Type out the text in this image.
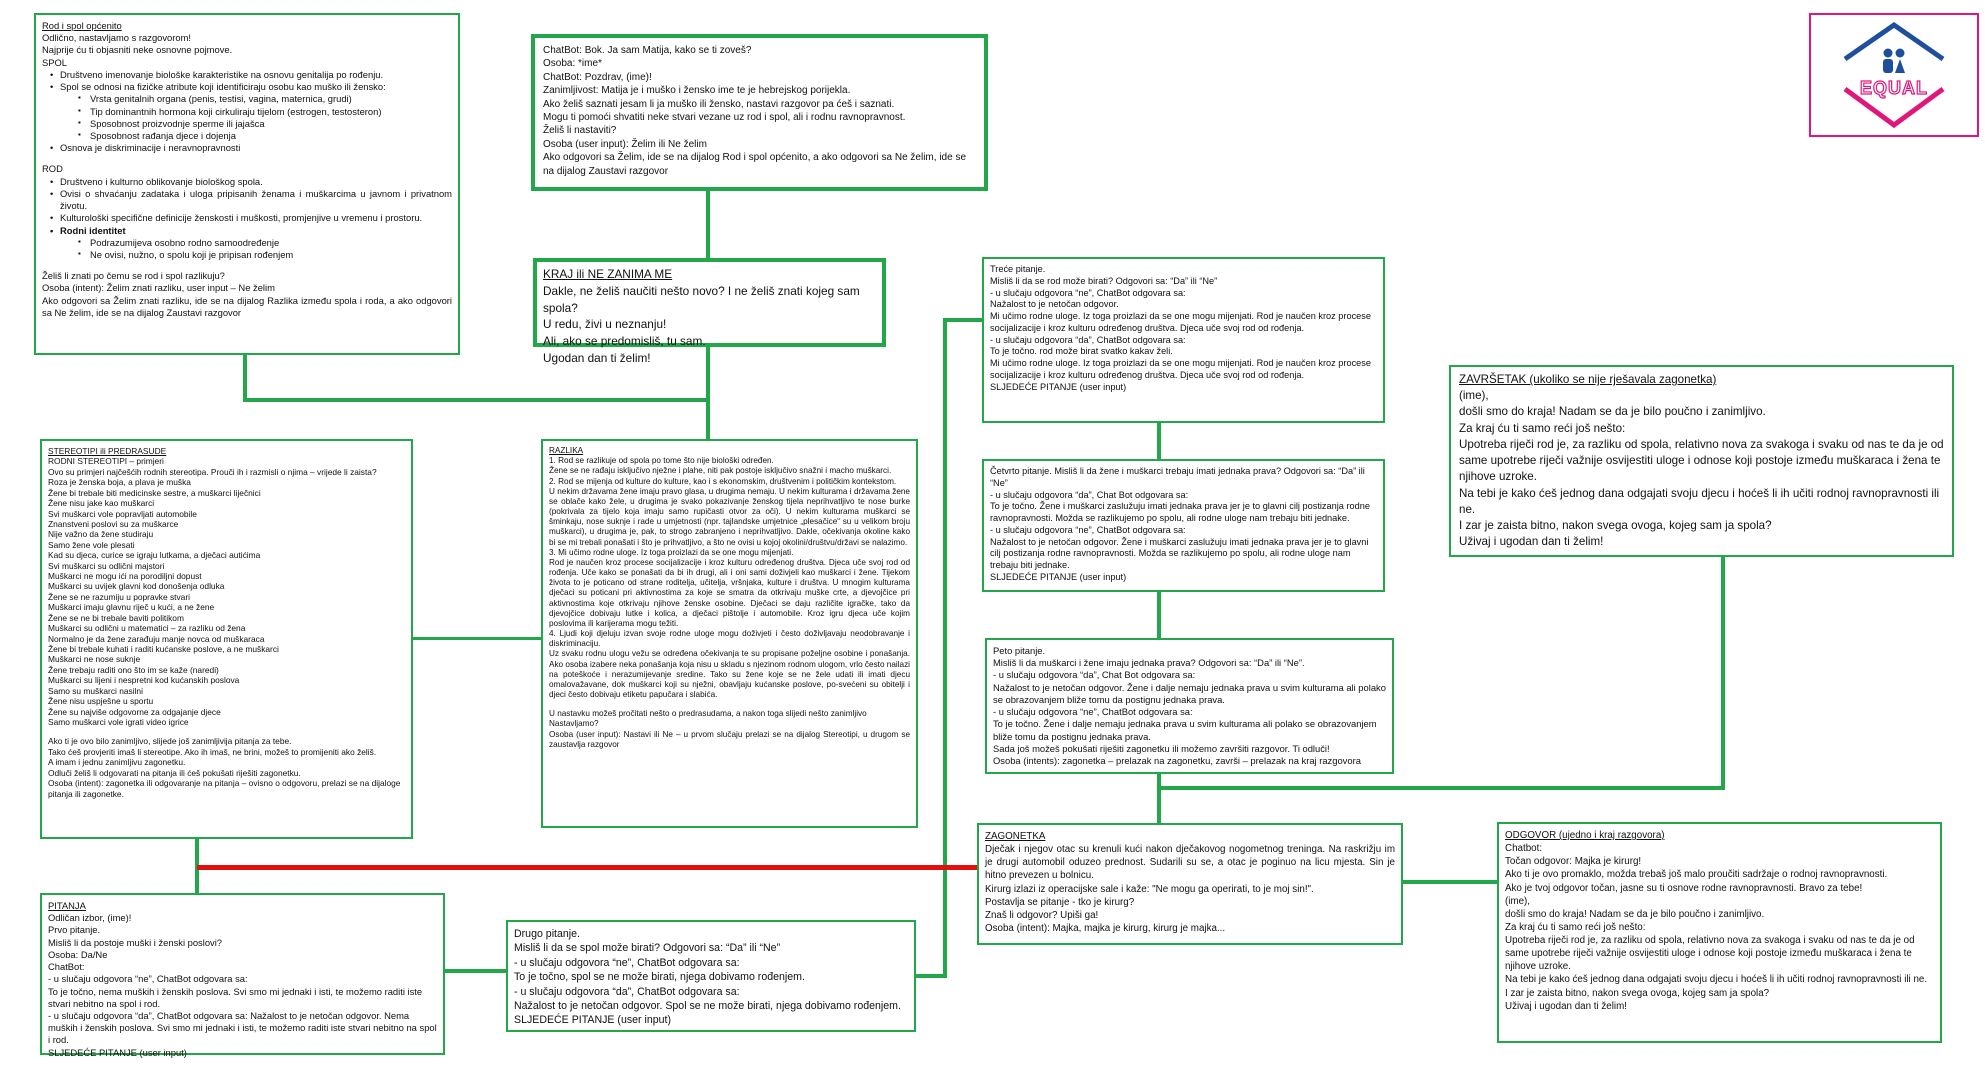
EQUAL
Rod i spol općenito
Odlično, nastavljamo s razgovorom!
Najprije ću ti objasniti neke osnovne pojmove.
SPOL
• Društveno imenovanje biološke karakteristike na osnovu genitalija po rođenju.
• Spol se odnosi na fizičke atribute koji identificiraju osobu kao muško ili žensko:
▪ Vrsta genitalnih organa (penis, testisi, vagina, maternica, grudi)
▪ Tip dominantnih hormona koji cirkuliraju tijelom (estrogen, testosteron)
▪ Sposobnost proizvodnje sperme ili jajašca
▪ Sposobnost rađanja djece i dojenja
• Osnova je diskriminacije i neravnopravnosti
ROD
• Društveno i kulturno oblikovanje biološkog spola.
• Ovisi o shvaćanju zadataka i uloga pripisanih ženama i muškarcima u javnom i privatnom životu.
• Kulturološki specifične definicije ženskosti i muškosti, promjenjive u vremenu i prostoru.
• Rodni identitet
▪ Podrazumijeva osobno rodno samoodređenje
▪ Ne ovisi, nužno, o spolu koji je pripisan rođenjem
Želiš li znati po čemu se rod i spol razlikuju?
Osoba (intent): Želim znati razliku, user input – Ne želim
Ako odgovori sa Želim znati razliku, ide se na dijalog Razlika između spola i roda, a ako odgovori sa Ne želim, ide se na dijalog Zaustavi razgovor
ChatBot: Bok. Ja sam Matija, kako se ti zoveš?
Osoba: *ime*
ChatBot: Pozdrav, (ime)!
Zanimljivost: Matija je i muško i žensko ime te je hebrejskog porijekla.
Ako želiš saznati jesam li ja muško ili žensko, nastavi razgovor pa ćeš i saznati.
Mogu ti pomoći shvatiti neke stvari vezane uz rod i spol, ali i rodnu ravnopravnost.
Želiš li nastaviti?
Osoba (user input): Želim ili Ne želim
Ako odgovori sa Želim, ide se na dijalog Rod i spol općenito, a ako odgovori sa Ne želim, ide se na dijalog Zaustavi razgovor
KRAJ ili NE ZANIMA ME
Dakle, ne želiš naučiti nešto novo? I ne želiš znati kojeg sam spola?
U redu, živi u neznanju!
Ali, ako se predomisliš, tu sam.
Ugodan dan ti želim!
Treće pitanje.
Misliš li da se rod može birati? Odgovori sa: “Da” ili “Ne”
- u slučaju odgovora “ne”, ChatBot odgovara sa:
Nažalost to je netočan odgovor.
Mi učimo rodne uloge. Iz toga proizlazi da se one mogu mijenjati. Rod je naučen kroz procese socijalizacije i kroz kulturu određenog društva. Djeca uče svoj rod od rođenja.
- u slučaju odgovora “da”, ChatBot odgovara sa:
To je točno. rod može birat svatko kakav želi.
Mi učimo rodne uloge. Iz toga proizlazi da se one mogu mijenjati. Rod je naučen kroz procese socijalizacije i kroz kulturu određenog društva. Djeca uče svoj rod od rođenja.
SLJEDEĆE PITANJE (user input)
ZAVRŠETAK (ukoliko se nije rješavala zagonetka)
(ime),
došli smo do kraja! Nadam se da je bilo poučno i zanimljivo.
Za kraj ću ti samo reći još nešto:
Upotreba riječi rod je, za razliku od spola, relativno nova za svakoga i svaku od nas te da je od same upotrebe riječi važnije osvijestiti uloge i odnose koji postoje između muškaraca i žena te njihove uzroke.
Na tebi je kako ćeš jednog dana odgajati svoju djecu i hoćeš li ih učiti rodnoj ravnopravnosti ili ne.
I zar je zaista bitno, nakon svega ovoga, kojeg sam ja spola?
Uživaj i ugodan dan ti želim!
STEREOTIPI ili PREDRASUDE
RODNI STEREOTIPI – primjeri
Ovo su primjeri najčešćih rodnih stereotipa. Prouči ih i razmisli o njima – vrijede li zaista?
Roza je ženska boja, a plava je muška
Žene bi trebale biti medicinske sestre, a muškarci liječnici
Žene nisu jake kao muškarci
Svi muškarci vole popravljati automobile
Znanstveni poslovi su za muškarce
Nije važno da žene studiraju
Samo žene vole plesati
Kad su djeca, curice se igraju lutkama, a dječaci autićima
Svi muškarci su odlični majstori
Muškarci ne mogu ići na porodiljni dopust
Muškarci su uvijek glavni kod donošenja odluka
Žene se ne razumiju u popravke stvari
Muškarci imaju glavnu riječ u kući, a ne žene
Žene se ne bi trebale baviti politikom
Muškarci su odlični u matematici – za razliku od žena
Normalno je da žene zarađuju manje novca od muškaraca
Žene bi trebale kuhati i raditi kućanske poslove, a ne muškarci
Muškarci ne nose suknje
Žene trebaju raditi ono što im se kaže (naredi)
Muškarci su lijeni i nespretni kod kućanskih poslova
Samo su muškarci nasilni
Žene nisu uspješne u sportu
Žene su najviše odgovorne za odgajanje djece
Samo muškarci vole igrati video igrice
Ako ti je ovo bilo zanimljivo, slijede još zanimljivija pitanja za tebe.
Tako ćeš provjeriti imaš li stereotipe. Ako ih imaš, ne brini, možeš to promijeniti ako želiš.
A imam i jednu zanimljivu zagonetku.
Odluči želiš li odgovarati na pitanja ili ćeš pokušati riješiti zagonetku.
Osoba (intent): zagonetka ili odgovaranje na pitanja – ovisno o odgovoru, prelazi se na dijaloge pitanja ili zagonetke.
RAZLIKA
1. Rod se razlikuje od spola po tome što nije biološki određen.
Žene se ne rađaju isključivo nježne i plahe, niti pak postoje isključivo snažni i macho muškarci.
2. Rod se mijenja od kulture do kulture, kao i s ekonomskim, društvenim i političkim kontekstom.
U nekim državama žene imaju pravo glasa, u drugima nemaju. U nekim kulturama i državama žene se oblače kako žele, u drugima je svako pokazivanje ženskog tijela neprihvatljivo te nose burke (pokrivala za tijelo koja imaju samo rupičasti otvor za oči). U nekim kulturama muškarci se šminkaju, nose suknje i rade u umjetnosti (npr. tajlandske umjetnice „plesačice“ su u velikom broju muškarci), u drugima je, pak, to strogo zabranjeno i neprihvatljivo. Dakle, očekivanja okoline kako bi se mi trebali ponašati i što je prihvatljivo, a što ne ovisi u kojoj okolini/društvu/državi se nalazimo.
3. Mi učimo rodne uloge. Iz toga proizlazi da se one mogu mijenjati.
Rod je naučen kroz procese socijalizacije i kroz kulturu određenog društva. Djeca uče svoj rod od rođenja. Uče kako se ponašati da bi ih drugi, ali i oni sami doživjeli kao muškarci i žene. Tijekom života to je poticano od strane roditelja, učitelja, vršnjaka, kulture i društva. U mnogim kulturama dječaci su poticani pri aktivnostima za koje se smatra da otkrivaju muške crte, a djevojčice pri aktivnostima koje otkrivaju njihove ženske osobine. Dječaci se daju različite igračke, tako da djevojčice dobivaju lutke i kolica, a dječaci pištolje i automobile. Kroz igru djeca uče kojim poslovima ili karijerama mogu težiti.
4. Ljudi koji djeluju izvan svoje rodne uloge mogu doživjeti i često doživljavaju neodobravanje i diskriminaciju.
Uz svaku rodnu ulogu vežu se određena očekivanja te su propisane poželjne osobine i ponašanja. Ako osoba izabere neka ponašanja koja nisu u skladu s njezinom rodnom ulogom, vrlo često nailazi na poteškoće i nerazumijevanje sredine. Tako su žene koje se ne žele udati ili imati djecu omalovažavane, dok muškarci koji su nježni, obavljaju kućanske poslove, po-svećeni su obitelji i djeci često dobivaju etiketu papučara i slabića.
U nastavku možeš pročitati nešto o predrasudama, a nakon toga slijedi nešto zanimljivo
Nastavljamo?
Osoba (user input): Nastavi ili Ne – u prvom slučaju prelazi se na dijalog Stereotipi, u drugom se zaustavlja razgovor
Četvrto pitanje. Misliš li da žene i muškarci trebaju imati jednaka prava? Odgovori sa: “Da” ili “Ne”
- u slučaju odgovora “da”, Chat Bot odgovara sa:
To je točno. Žene i muškarci zaslužuju imati jednaka prava jer je to glavni cilj postizanja rodne ravnopravnosti. Možda se razlikujemo po spolu, ali rodne uloge nam trebaju biti jednake.
- u slučaju odgovora “ne”, ChatBot odgovara sa:
Nažalost to je netočan odgovor. Žene i muškarci zaslužuju imati jednaka prava jer je to glavni cilj postizanja rodne ravnopravnosti. Možda se razlikujemo po spolu, ali rodne uloge nam trebaju biti jednake.
SLJEDEĆE PITANJE (user input)
Peto pitanje.
Misliš li da muškarci i žene imaju jednaka prava? Odgovori sa: “Da” ili “Ne”.
- u slučaju odgovora “da”, Chat Bot odgovara sa:
Nažalost to je netočan odgovor. Žene i dalje nemaju jednaka prava u svim kulturama ali polako se obrazovanjem bliže tomu da postignu jednaka prava.
- u slučaju odgovora “ne”, ChatBot odgovara sa:
To je točno. Žene i dalje nemaju jednaka prava u svim kulturama ali polako se obrazovanjem bliže tomu da postignu jednaka prava.
Sada još možeš pokušati riješiti zagonetku ili možemo završiti razgovor. Ti odluči!
Osoba (intents): zagonetka – prelazak na zagonetku, završi – prelazak na kraj razgovora
ZAGONETKA
Dječak i njegov otac su krenuli kući nakon dječakovog nogometnog treninga. Na raskrižju im je drugi automobil oduzeo prednost. Sudarili su se, a otac je poginuo na licu mjesta. Sin je hitno prevezen u bolnicu.
Kirurg izlazi iz operacijske sale i kaže: "Ne mogu ga operirati, to je moj sin!".
Postavlja se pitanje - tko je kirurg?
Znaš li odgovor? Upiši ga!
Osoba (intent): Majka, majka je kirurg, kirurg je majka...
ODGOVOR (ujedno i kraj razgovora)
Chatbot:
Točan odgovor: Majka je kirurg!
Ako ti je ovo promaklo, možda trebaš još malo proučiti sadržaje o rodnoj ravnopravnosti.
Ako je tvoj odgovor točan, jasne su ti osnove rodne ravnopravnosti. Bravo za tebe!
(ime),
došli smo do kraja! Nadam se da je bilo poučno i zanimljivo.
Za kraj ću ti samo reći još nešto:
Upotreba riječi rod je, za razliku od spola, relativno nova za svakoga i svaku od nas te da je od same upotrebe riječi važnije osvijestiti uloge i odnose koji postoje između muškaraca i žena te njihove uzroke.
Na tebi je kako ćeš jednog dana odgajati svoju djecu i hoćeš li ih učiti rodnoj ravnopravnosti ili ne.
I zar je zaista bitno, nakon svega ovoga, kojeg sam ja spola?
Uživaj i ugodan dan ti želim!
PITANJA
Odličan izbor, (ime)!
Prvo pitanje.
Misliš li da postoje muški i ženski poslovi?
Osoba: Da/Ne
ChatBot:
- u slučaju odgovora “ne”, ChatBot odgovara sa:
To je točno, nema muških i ženskih poslova. Svi smo mi jednaki i isti, te možemo raditi iste stvari nebitno na spol i rod.
- u slučaju odgovora “da”, ChatBot odgovara sa: Nažalost to je netočan odgovor. Nema muških i ženskih poslova. Svi smo mi jednaki i isti, te možemo raditi iste stvari nebitno na spol i rod.
SLJEDEĆE PITANJE (user input)
Drugo pitanje.
Misliš li da se spol može birati? Odgovori sa: “Da” ili “Ne”
- u slučaju odgovora “ne”, ChatBot odgovara sa:
To je točno, spol se ne može birati, njega dobivamo rođenjem.
- u slučaju odgovora “da”, ChatBot odgovara sa:
Nažalost to je netočan odgovor. Spol se ne može birati, njega dobivamo rođenjem.
SLJEDEĆE PITANJE (user input)
